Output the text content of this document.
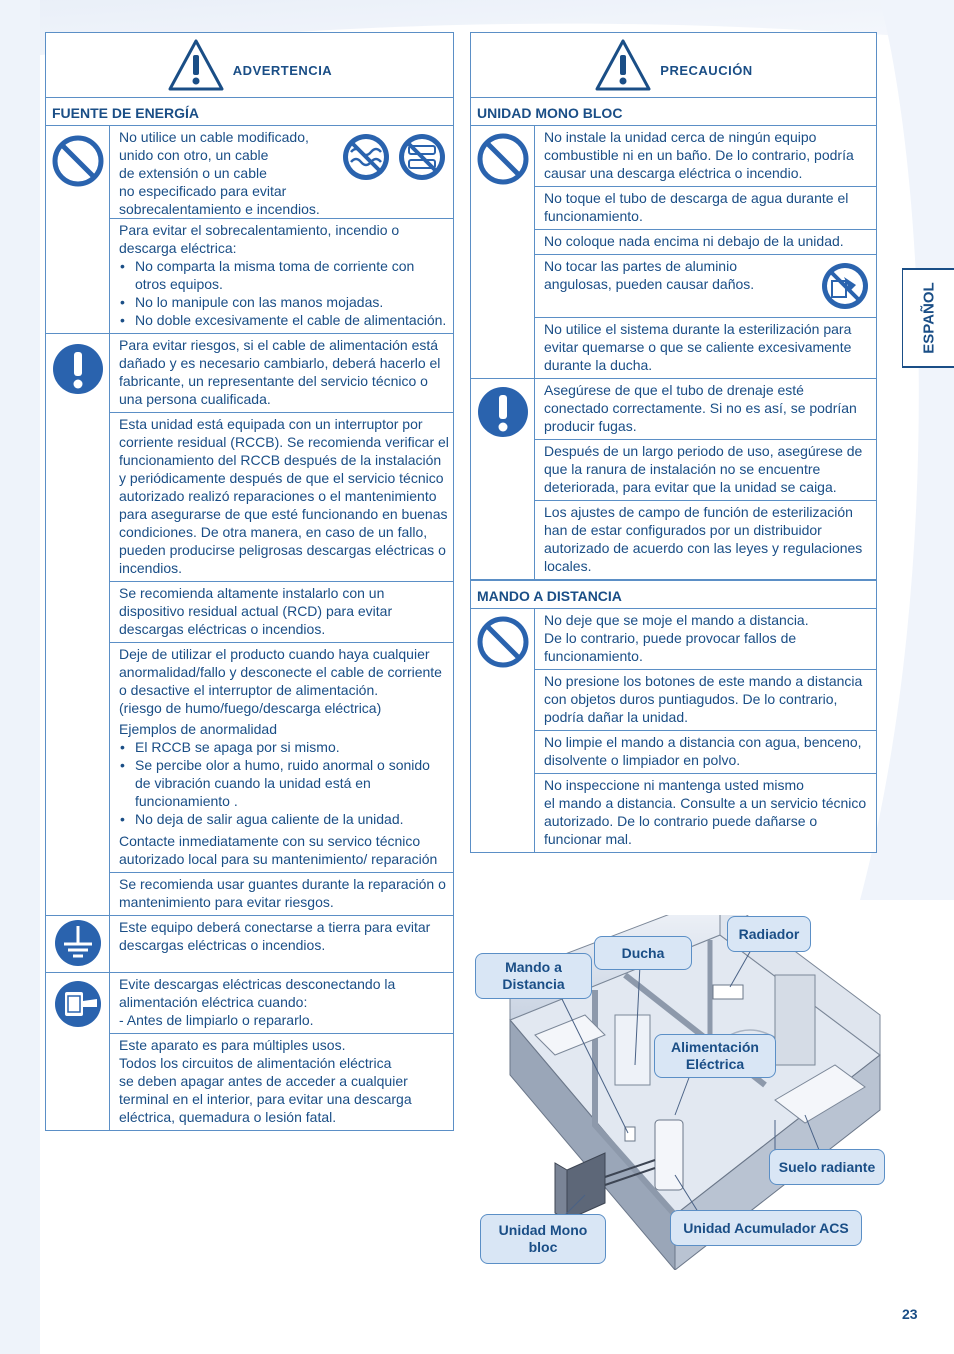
ESPAÑOL
ADVERTENCIA
FUENTE DE ENERGÍA
No utilice un cable modificado,
unido con otro, un cable
de extensión o un cable
no especificado para evitar
sobrecalentamiento e incendios.

Para evitar el sobrecalentamiento, incendio o descarga eléctrica:

• No comparta la misma toma de corriente con otros equipos.
• No lo manipule con las manos mojadas.
• No doble excesivamente el cable de alimentación.
Para evitar riesgos, si el cable de alimentación está dañado y es necesario cambiarlo, deberá hacerlo el fabricante, un representante del servicio técnico o una persona cualificada.
Esta unidad está equipada con un interruptor por corriente residual (RCCB). Se recomienda verificar el funcionamiento del RCCB después de la instalación y periódicamente después de que el servicio técnico autorizado realizó reparaciones o el mantenimiento para asegurarse de que esté funcionando en buenas condiciones. De otra manera, en caso de un fallo, pueden producirse peligrosas descargas eléctricas o incendios.
Se recomienda altamente instalarlo con un dispositivo residual actual (RCD) para evitar descargas eléctricas o incendios.

Deje de utilizar el producto cuando haya cualquier anormalidad/fallo y desconecte el cable de corriente o desactive el interruptor de alimentación.

(riesgo de humo/fuego/descarga eléctrica)

Ejemplos de anormalidad

• El RCCB se apaga por si mismo.
• Se percibe olor a humo, ruido anormal o sonido de vibración cuando la unidad está en funcionamiento .
• No deja de salir agua caliente de la unidad.

Contacte inmediatamente con su servico técnico autorizado local para su mantenimiento/ reparación

Se recomienda usar guantes durante la reparación o mantenimiento para evitar riesgos.
Este equipo deberá conectarse a tierra para evitar descargas eléctricas o incendios.
Evite descargas eléctricas desconectando la
alimentación eléctrica cuando:
- Antes de limpiarlo o repararlo.
Este aparato es para múltiples usos.
Todos los circuitos de alimentación eléctrica
se deben apagar antes de acceder a cualquier
terminal en el interior, para evitar una descarga
eléctrica, quemadura o lesión fatal.
PRECAUCIÓN
UNIDAD MONO BLOC
No instale la unidad cerca de ningún equipo combustible ni en un baño. De lo contrario, podría causar una descarga eléctrica o incendio.
No toque el tubo de descarga de agua durante el funcionamiento.
No coloque nada encima ni debajo de la unidad.
No tocar las partes de aluminio
angulosas, pueden causar daños.
No utilice el sistema durante la esterilización para evitar quemarse o que se caliente excesivamente durante la ducha.
Asegúrese de que el tubo de drenaje esté conectado correctamente. Si no es así, se podrían producir fugas.
Después de un largo periodo de uso, asegúrese de que la ranura de instalación no se encuentre deteriorada, para evitar que la unidad se caiga.
Los ajustes de campo de función de esterilización han de estar configurados por un distribuidor autorizado de acuerdo con las leyes y regulaciones locales.
MANDO A DISTANCIA
No deje que se moje el mando a distancia.
De lo contrario, puede provocar fallos de funcionamiento.
No presione los botones de este mando a distancia con objetos duros puntiagudos. De lo contrario, podría dañar la unidad.
No limpie el mando a distancia con agua, benceno, disolvente o limpiador en polvo.
No inspeccione ni mantenga usted mismo
el mando a distancia. Consulte a un servicio técnico autorizado. De lo contrario puede dañarse o funcionar mal.
Radiador
Ducha
Mando a
Distancia
Alimentación
Eléctrica
Suelo radiante
Unidad Mono
bloc
Unidad Acumulador ACS
23
